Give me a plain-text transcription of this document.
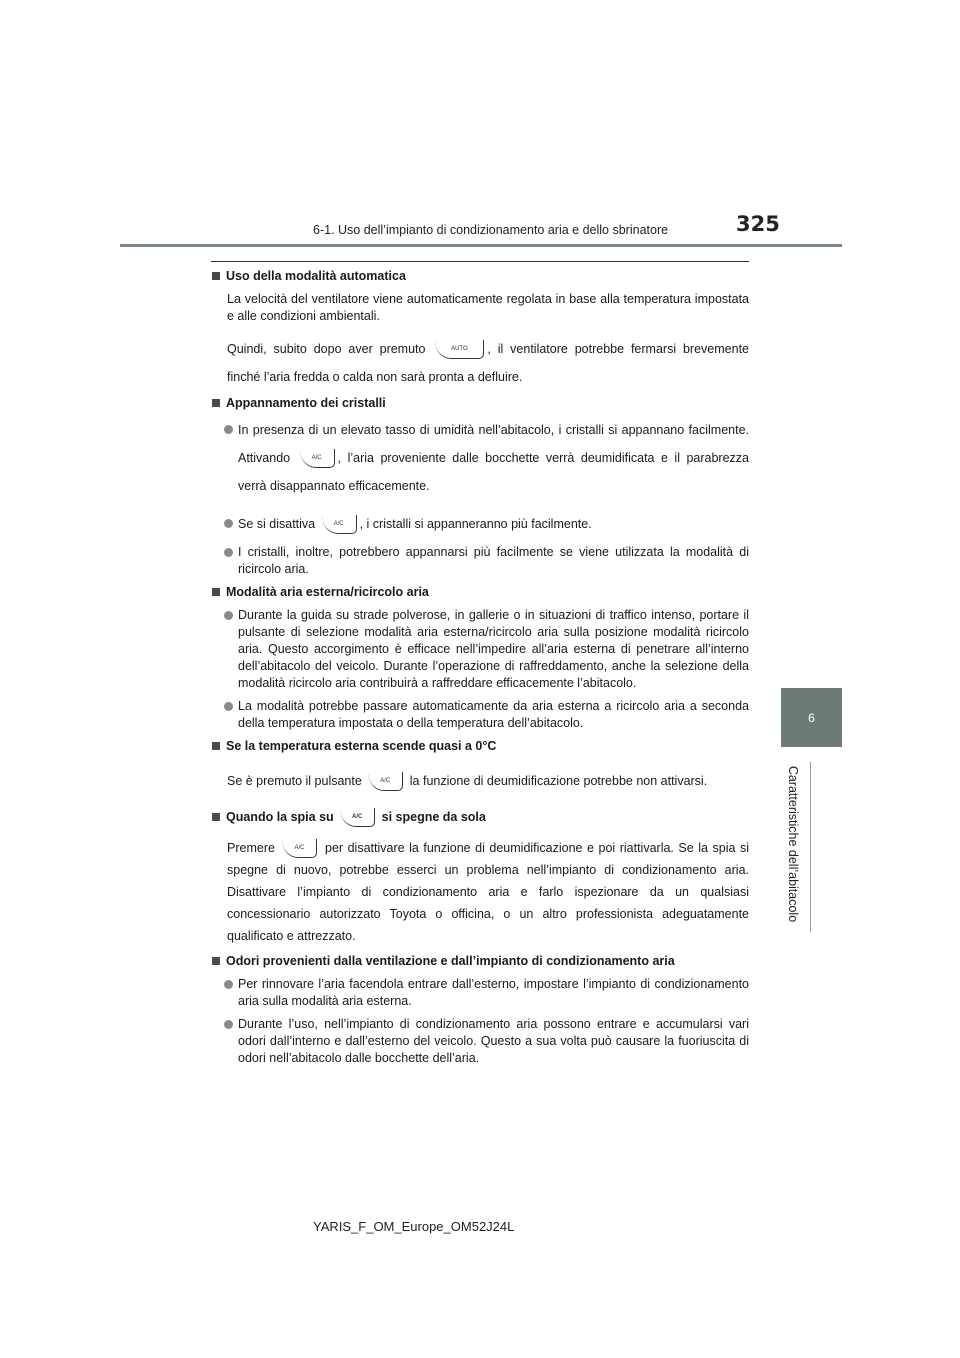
6-1. Uso dell’impianto di condizionamento aria e dello sbrinatore	325
6
Caratteristiche dell’abitacolo

Uso della modalità automatica

La velocità del ventilatore viene automaticamente regolata in base alla temperatura impostata e alle condizioni ambientali.

Quindi, subito dopo aver premuto	AUTO , il ventilatore potrebbe fermarsi brevemente finché l’aria fredda o calda non sarà pronta a defluire.

Appannamento dei cristalli

In presenza di un elevato tasso di umidità nell’abitacolo, i cristalli si appannano facilmente. Attivando	A/C , l’aria proveniente dalle bocchette verrà deumidificata e il parabrezza verrà disappannato efficacemente.

Se si disattiva	A/C , i cristalli si appanneranno più facilmente.

I cristalli, inoltre, potrebbero appannarsi più facilmente se viene utilizzata la modalità di ricircolo aria.

Modalità aria esterna/ricircolo aria

Durante la guida su strade polverose, in gallerie o in situazioni di traffico intenso, portare il pulsante di selezione modalità aria esterna/ricircolo aria sulla posizione modalità ricircolo aria. Questo accorgimento è efficace nell’impedire all’aria esterna di penetrare all’interno dell’abitacolo del veicolo. Durante l’operazione di raffreddamento, anche la selezione della modalità ricircolo aria contribuirà a raffreddare efficacemente l’abitacolo.

La modalità potrebbe passare automaticamente da aria esterna a ricircolo aria a seconda della temperatura impostata o della temperatura dell’abitacolo.

Se la temperatura esterna scende quasi a 0°C

Se è premuto il pulsante	A/C la funzione di deumidificazione potrebbe non attivarsi.

Quando la spia su	A/C si spegne da sola

Premere	A/C per disattivare la funzione di deumidificazione e poi riattivarla. Se la spia si spegne di nuovo, potrebbe esserci un problema nell’impianto di condizionamento aria. Disattivare l’impianto di condizionamento aria e farlo ispezionare da un qualsiasi concessionario autorizzato Toyota o officina, o un altro professionista adeguatamente qualificato e attrezzato.

Odori provenienti dalla ventilazione e dall’impianto di condizionamento aria

Per rinnovare l’aria facendola entrare dall’esterno, impostare l’impianto di condizionamento aria sulla modalità aria esterna.

Durante l’uso, nell’impianto di condizionamento aria possono entrare e accumularsi vari odori dall’interno e dall’esterno del veicolo. Questo a sua volta può causare la fuoriuscita di odori nell’abitacolo dalle bocchette dell’aria.

YARIS_F_OM_Europe_OM52J24L
